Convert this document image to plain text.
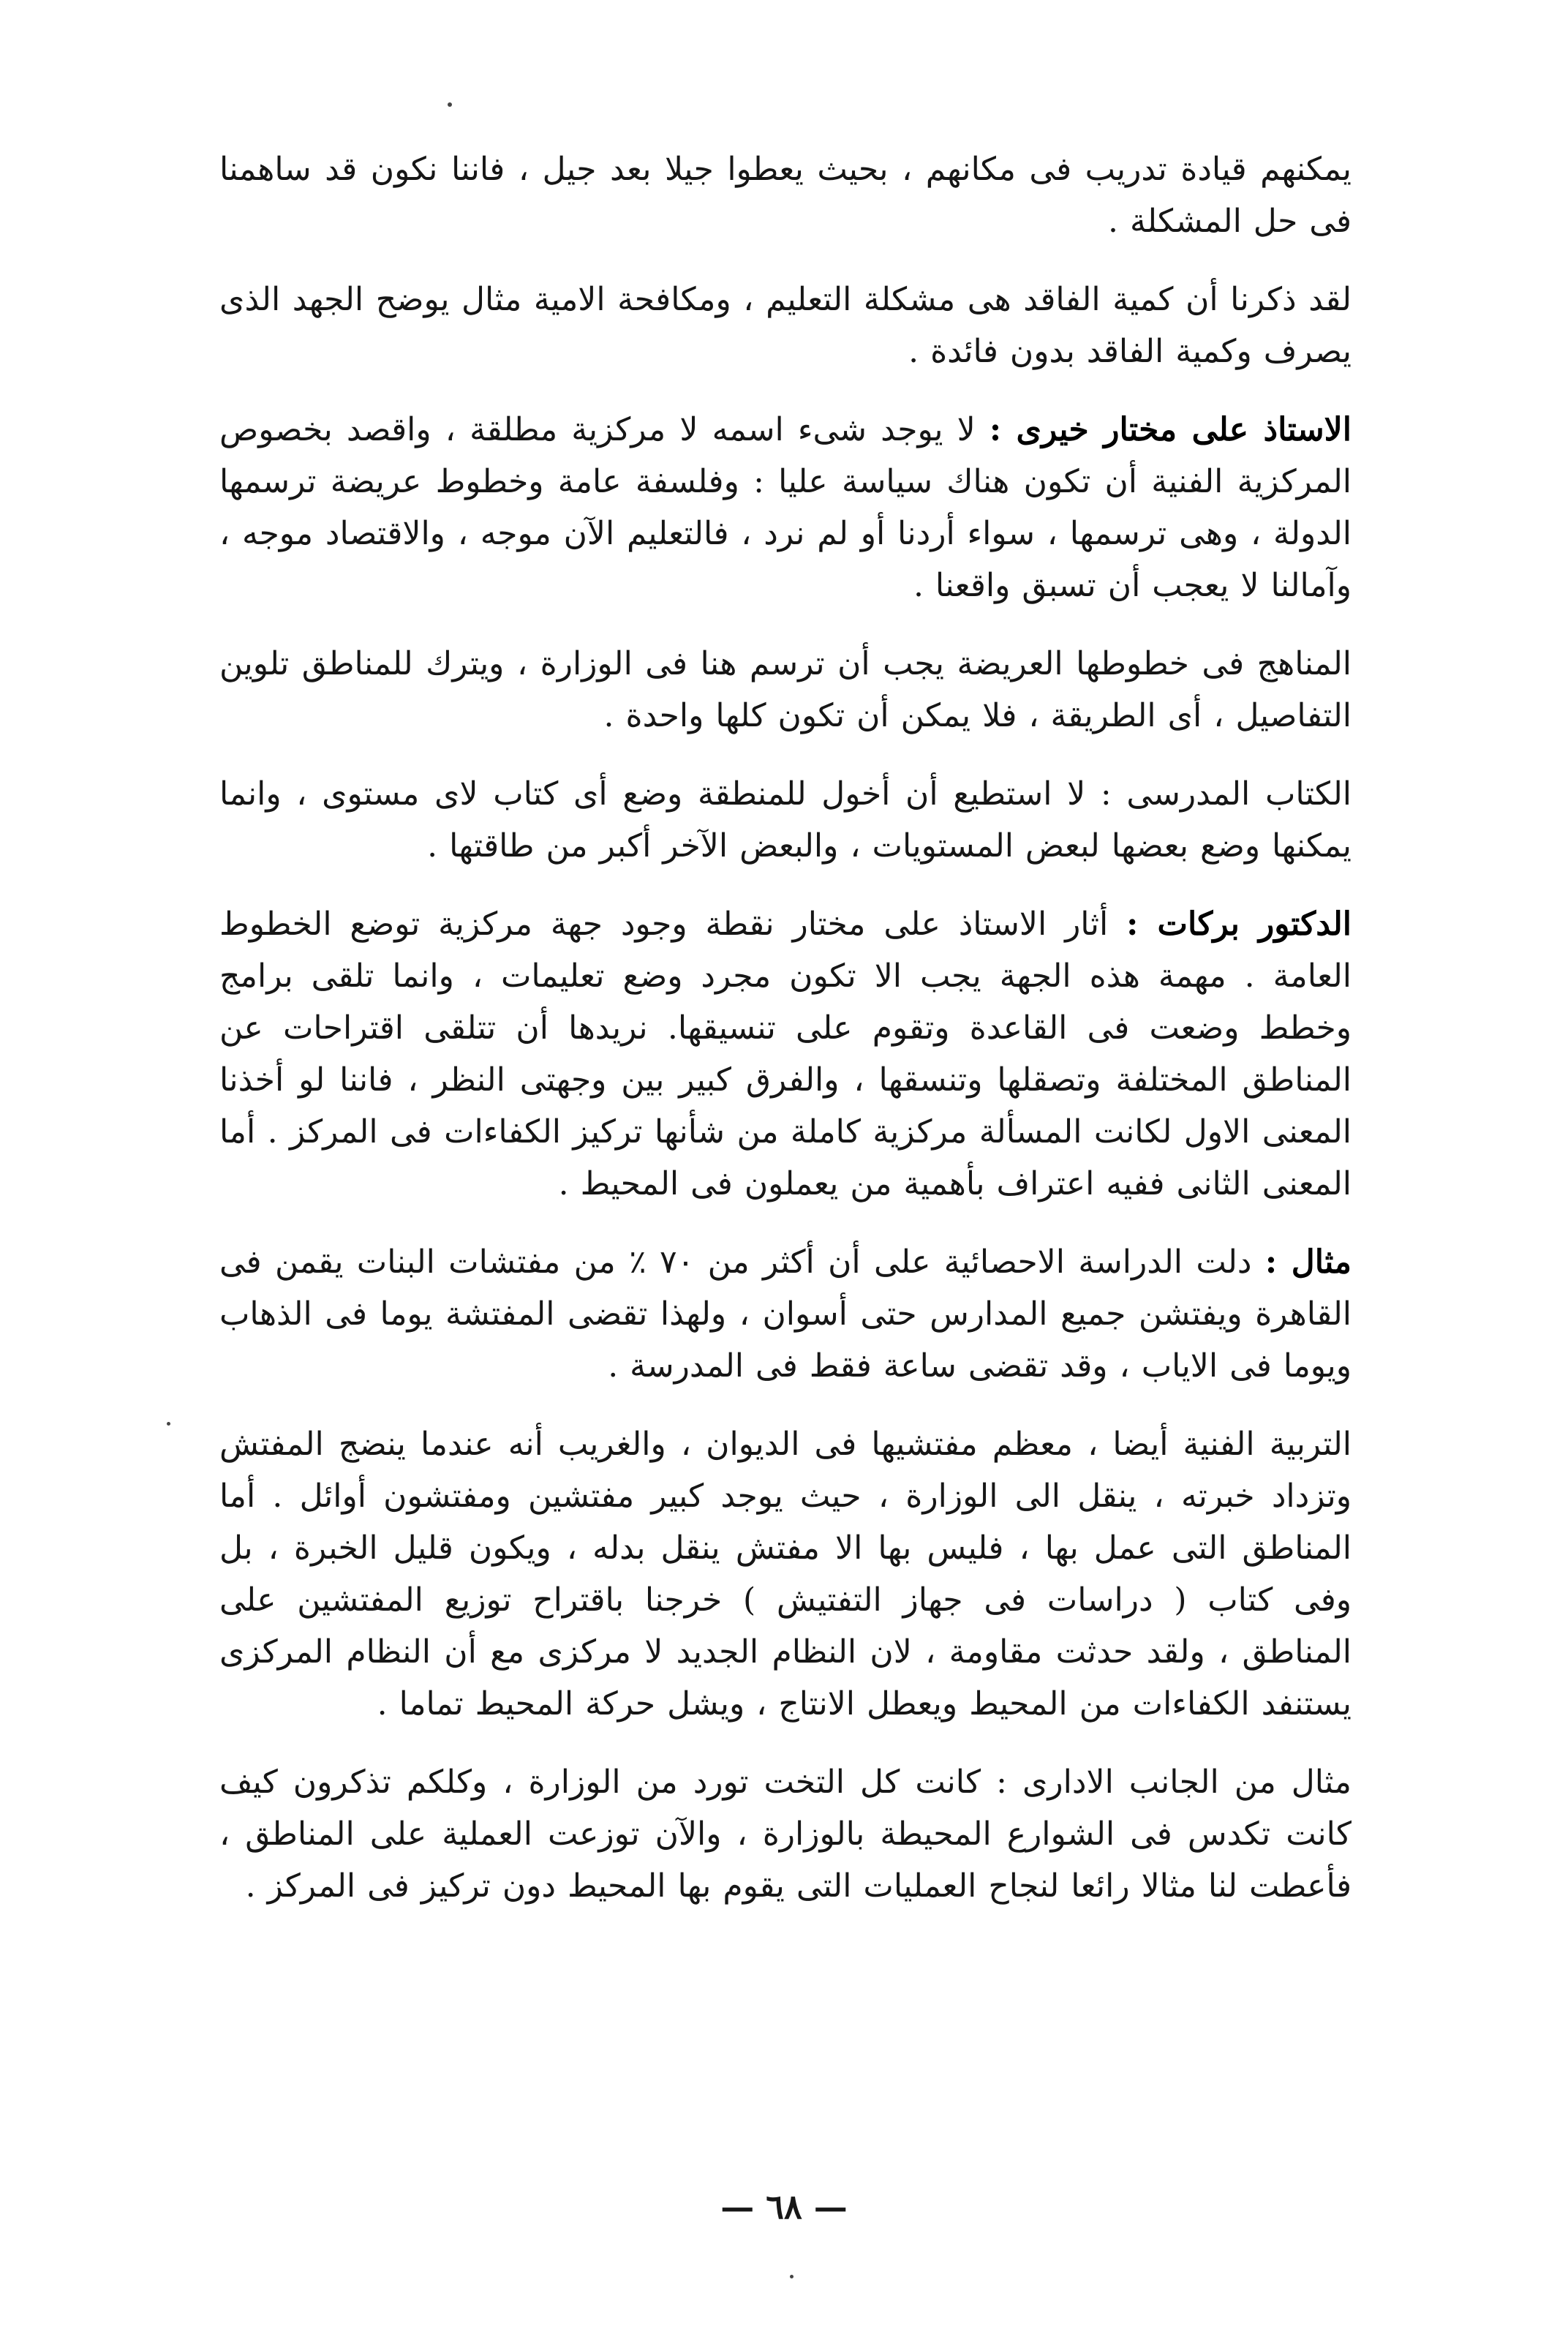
يمكنهم قيادة تدريب فى مكانهم ، بحيث يعطوا جيلا بعد جيل ، فاننا نكون قد ساهمنا فى حل المشكلة .

لقد ذكرنا أن كمية الفاقد هى مشكلة التعليم ، ومكافحة الامية مثال يوضح الجهد الذى يصرف وكمية الفاقد بدون فائدة .

الاستاذ على مختار خيرى : لا يوجد شىء اسمه لا مركزية مطلقة ، واقصد بخصوص المركزية الفنية أن تكون هناك سياسة عليا : وفلسفة عامة وخطوط عريضة ترسمها الدولة ، وهى ترسمها ، سواء أردنا أو لم نرد ، فالتعليم الآن موجه ، والاقتصاد موجه ، وآمالنا لا يعجب أن تسبق واقعنا .

المناهج فى خطوطها العريضة يجب أن ترسم هنا فى الوزارة ، ويترك للمناطق تلوين التفاصيل ، أى الطريقة ، فلا يمكن أن تكون كلها واحدة .

الكتاب المدرسى : لا استطيع أن أخول للمنطقة وضع أى كتاب لاى مستوى ، وانما يمكنها وضع بعضها لبعض المستويات ، والبعض الآخر أكبر من طاقتها .

الدكتور بركات : أثار الاستاذ على مختار نقطة وجود جهة مركزية توضع الخطوط العامة . مهمة هذه الجهة يجب الا تكون مجرد وضع تعليمات ، وانما تلقى برامج وخطط وضعت فى القاعدة وتقوم على تنسيقها. نريدها أن تتلقى اقتراحات عن المناطق المختلفة وتصقلها وتنسقها ، والفرق كبير بين وجهتى النظر ، فاننا لو أخذنا المعنى الاول لكانت المسألة مركزية كاملة من شأنها تركيز الكفاءات فى المركز . أما المعنى الثانى ففيه اعتراف بأهمية من يعملون فى المحيط .

مثال : دلت الدراسة الاحصائية على أن أكثر من ٧٠ ٪ من مفتشات البنات يقمن فى القاهرة ويفتشن جميع المدارس حتى أسوان ، ولهذا تقضى المفتشة يوما فى الذهاب ويوما فى الاياب ، وقد تقضى ساعة فقط فى المدرسة .

التربية الفنية أيضا ، معظم مفتشيها فى الديوان ، والغريب أنه عندما ينضج المفتش وتزداد خبرته ، ينقل الى الوزارة ، حيث يوجد كبير مفتشين ومفتشون أوائل . أما المناطق التى عمل بها ، فليس بها الا مفتش ينقل بدله ، ويكون قليل الخبرة ، بل وفى كتاب ( دراسات فى جهاز التفتيش ) خرجنا باقتراح توزيع المفتشين على المناطق ، ولقد حدثت مقاومة ، لان النظام الجديد لا مركزى مع أن النظام المركزى يستنفد الكفاءات من المحيط ويعطل الانتاج ، ويشل حركة المحيط تماما .

مثال من الجانب الادارى : كانت كل التخت تورد من الوزارة ، وكلكم تذكرون كيف كانت تكدس فى الشوارع المحيطة بالوزارة ، والآن توزعت العملية على المناطق ، فأعطت لنا مثالا رائعا لنجاح العمليات التى يقوم بها المحيط دون تركيز فى المركز .

— ٦٨ —
